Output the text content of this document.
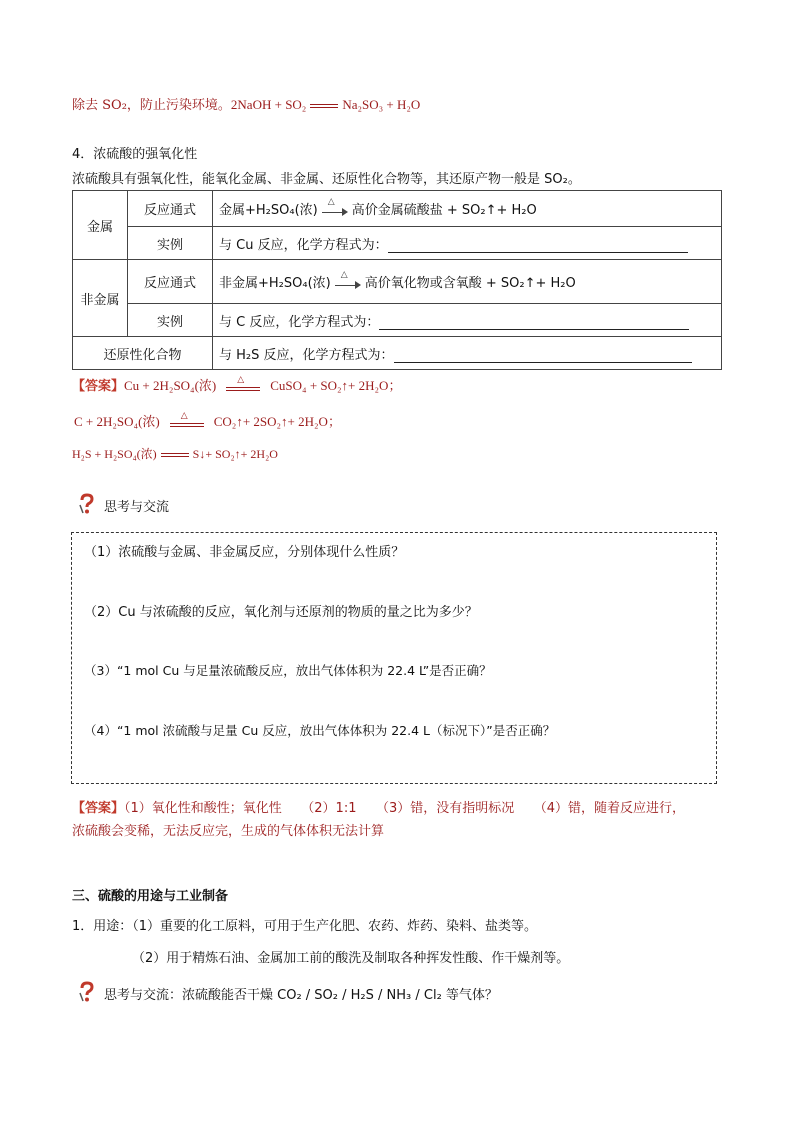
除去 SO₂，防止污染环境。2NaOH + SO₂	Na₂SO₃ + H₂O
4．浓硫酸的强氧化性
浓硫酸具有强氧化性，能氧化金属、非金属、还原性化合物等，其还原产物一般是 SO₂。
金属	反应通式	金属+H₂SO₄(浓) △ 高价金属硫酸盐 + SO₂↑+ H₂O
	实例	与 Cu 反应，化学方程式为：
非金属	反应通式	非金属+H₂SO₄(浓) △ 高价氧化物或含氧酸 + SO₂↑+ H₂O
	实例	与 C 反应，化学方程式为：
还原性化合物		与 H₂S 反应，化学方程式为：
【答案】Cu + 2H₂SO₄(浓) △ CuSO₄ + SO₂↑+ 2H₂O；
C + 2H₂SO₄(浓) △ CO₂↑+ 2SO₂↑+ 2H₂O；
H₂S + H₂SO₄(浓)	S↓+ SO₂↑+ 2H₂O
思考与交流
（1）浓硫酸与金属、非金属反应，分别体现什么性质？
（2）Cu 与浓硫酸的反应，氧化剂与还原剂的物质的量之比为多少？
（3）“1 mol Cu 与足量浓硫酸反应，放出气体体积为 22.4 L”是否正确？
（4）“1 mol 浓硫酸与足量 Cu 反应，放出气体体积为 22.4 L（标况下）”是否正确？
【答案】（1）氧化性和酸性；氧化性　　（2）1:1　　（3）错，没有指明标况　　（4）错，随着反应进行，
浓硫酸会变稀，无法反应完，生成的气体体积无法计算
三、硫酸的用途与工业制备
1．用途：（1）重要的化工原料，可用于生产化肥、农药、炸药、染料、盐类等。
（2）用于精炼石油、金属加工前的酸洗及制取各种挥发性酸、作干燥剂等。
思考与交流：浓硫酸能否干燥 CO₂ / SO₂ / H₂S / NH₃ / Cl₂ 等气体？
